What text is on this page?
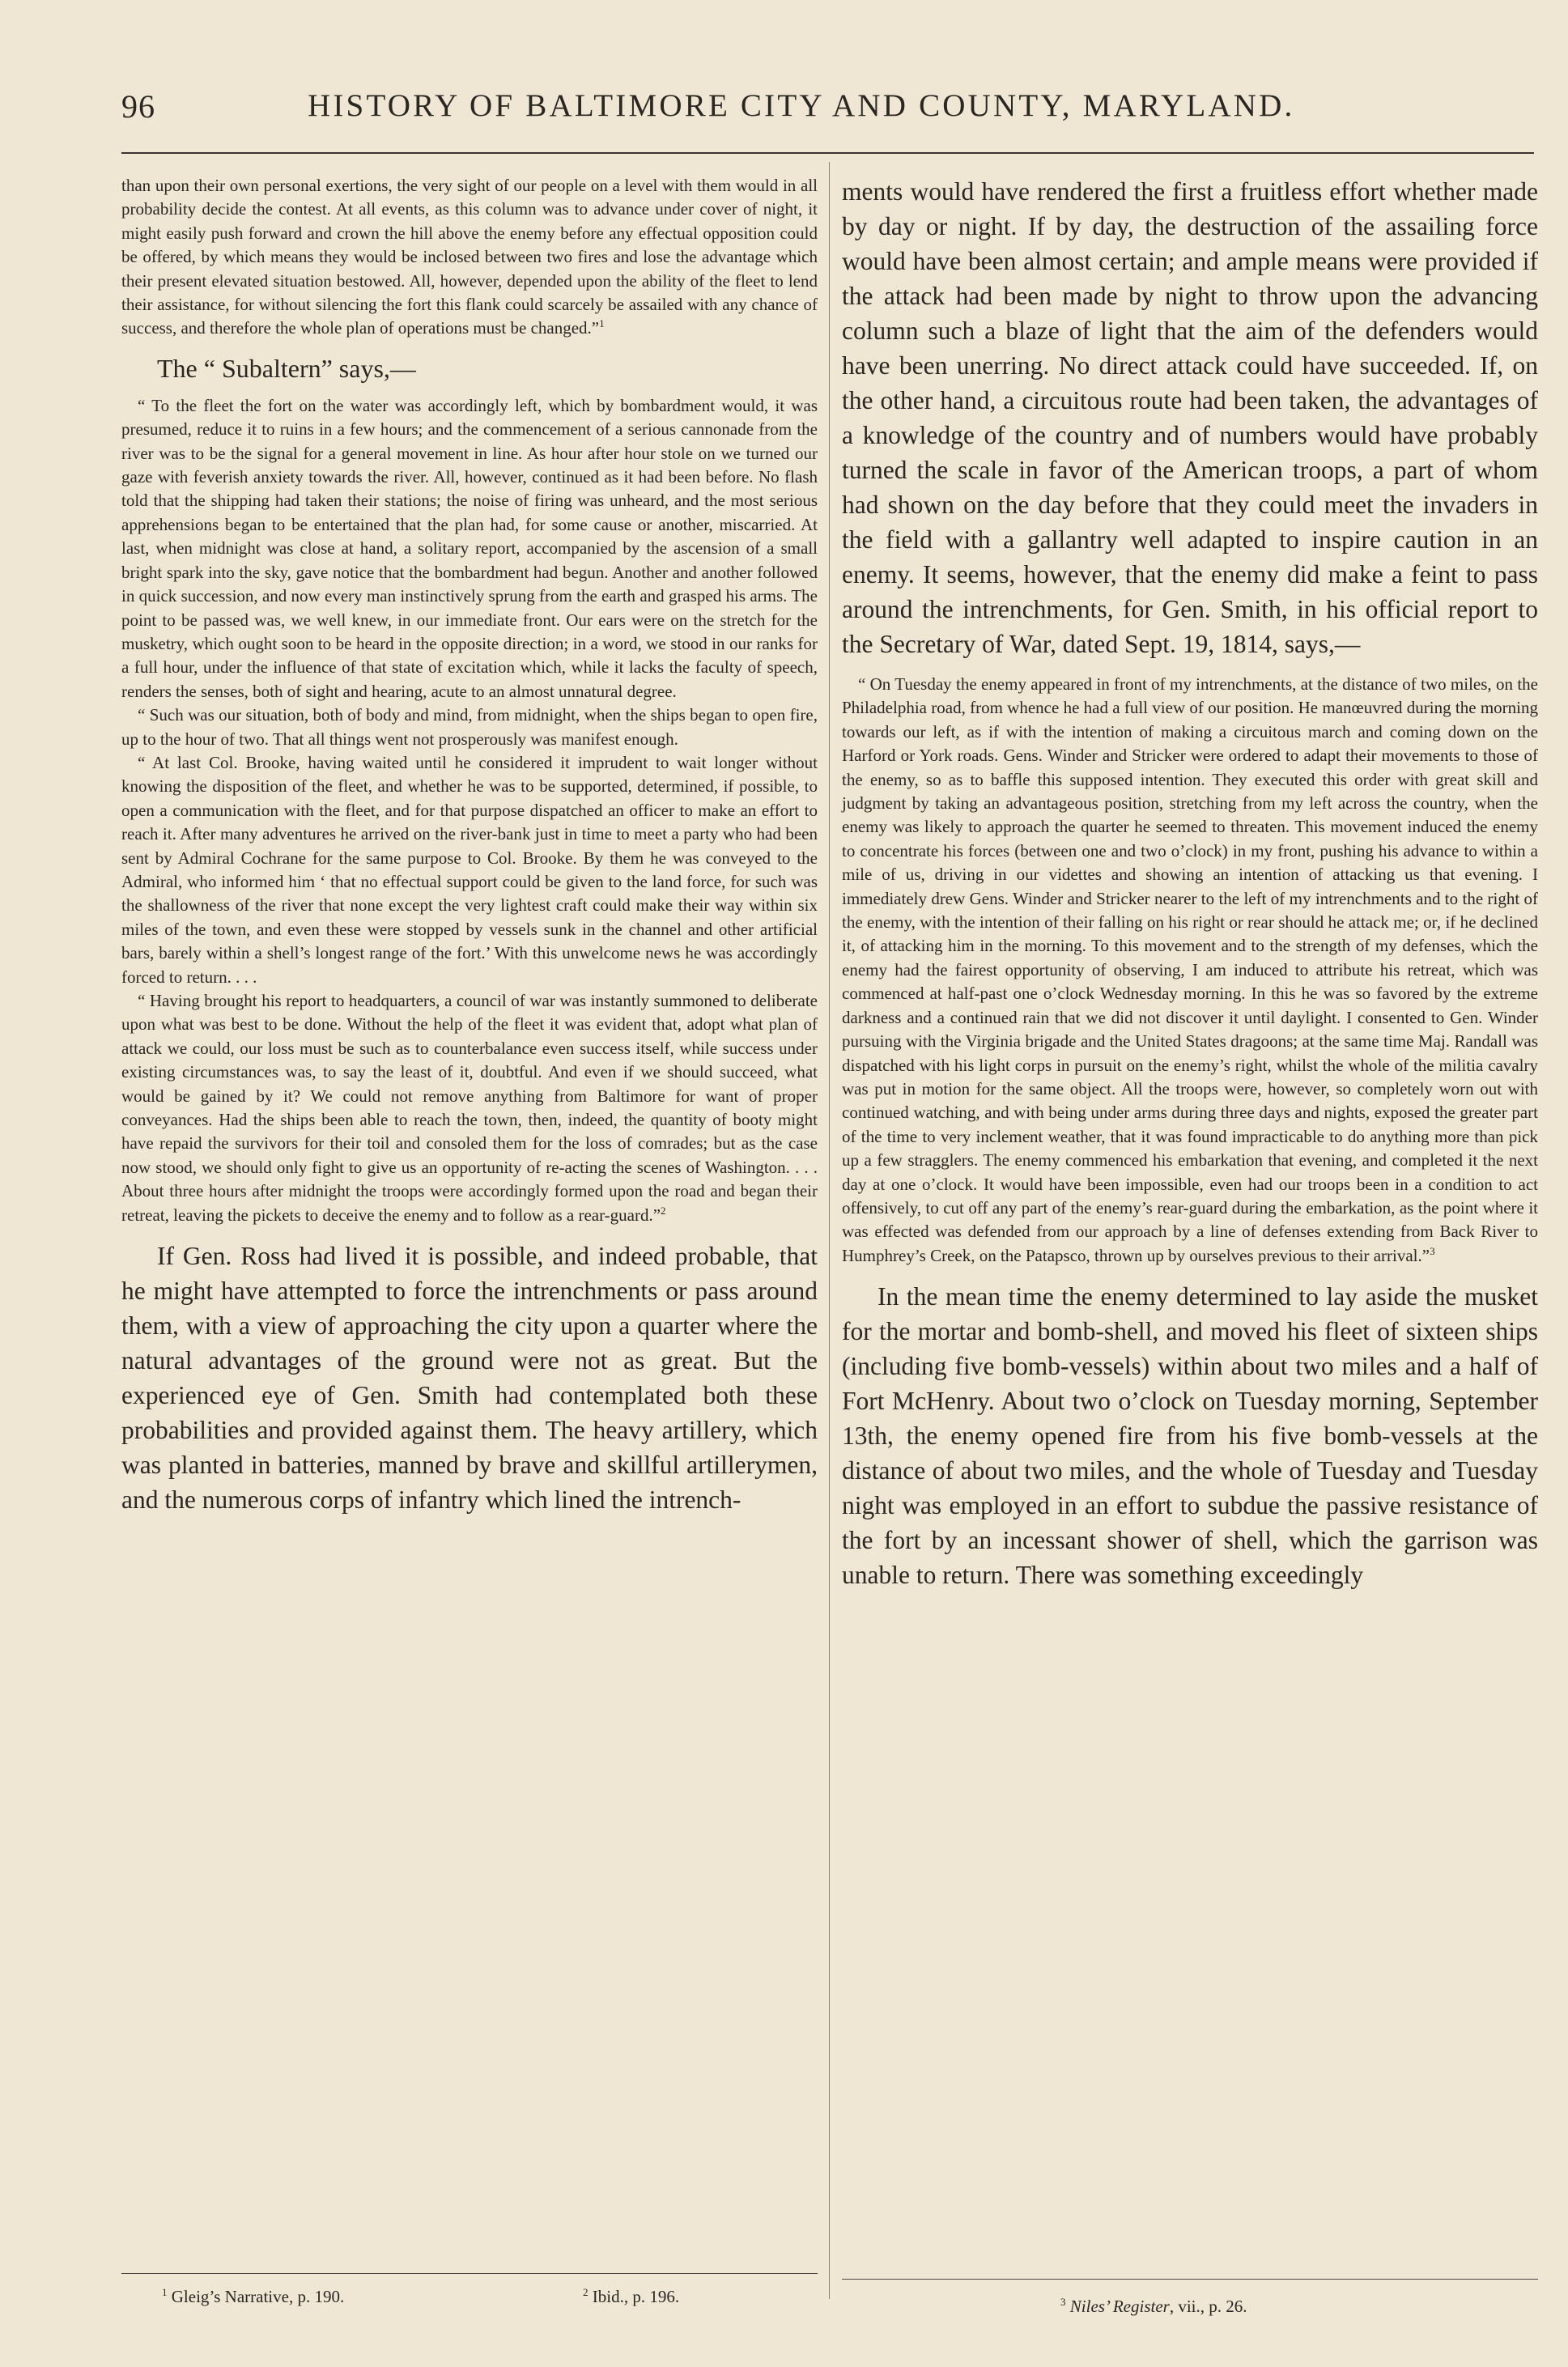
96	HISTORY OF BALTIMORE CITY AND COUNTY, MARYLAND.

than upon their own personal exertions, the very sight of our people on a level with them would in all probability decide the contest. At all events, as this column was to advance under cover of night, it might easily push forward and crown the hill above the enemy before any effectual opposition could be offered, by which means they would be inclosed between two fires and lose the advantage which their present elevated situation bestowed. All, however, depended upon the ability of the fleet to lend their assistance, for without silencing the fort this flank could scarcely be assailed with any chance of success, and therefore the whole plan of operations must be changed.”$^1$

The “ Subaltern” says,—

“ To the fleet the fort on the water was accordingly left, which by bombardment would, it was presumed, reduce it to ruins in a few hours; and the commencement of a serious cannonade from the river was to be the signal for a general movement in line. As hour after hour stole on we turned our gaze with feverish anxiety towards the river. All, however, continued as it had been before. No flash told that the shipping had taken their stations; the noise of firing was unheard, and the most serious apprehensions began to be entertained that the plan had, for some cause or another, miscarried. At last, when midnight was close at hand, a solitary report, accompanied by the ascension of a small bright spark into the sky, gave notice that the bombardment had begun. Another and another followed in quick succession, and now every man instinctively sprung from the earth and grasped his arms. The point to be passed was, we well knew, in our immediate front. Our ears were on the stretch for the musketry, which ought soon to be heard in the opposite direction; in a word, we stood in our ranks for a full hour, under the influence of that state of excitation which, while it lacks the faculty of speech, renders the senses, both of sight and hearing, acute to an almost unnatural degree.

“ Such was our situation, both of body and mind, from midnight, when the ships began to open fire, up to the hour of two. That all things went not prosperously was manifest enough.

“ At last Col. Brooke, having waited until he considered it imprudent to wait longer without knowing the disposition of the fleet, and whether he was to be supported, determined, if possible, to open a communication with the fleet, and for that purpose dispatched an officer to make an effort to reach it. After many adventures he arrived on the river-bank just in time to meet a party who had been sent by Admiral Cochrane for the same purpose to Col. Brooke. By them he was conveyed to the Admiral, who informed him ‘ that no effectual support could be given to the land force, for such was the shallowness of the river that none except the very lightest craft could make their way within six miles of the town, and even these were stopped by vessels sunk in the channel and other artificial bars, barely within a shell’s longest range of the fort.’ With this unwelcome news he was accordingly forced to return. . . .

“ Having brought his report to headquarters, a council of war was instantly summoned to deliberate upon what was best to be done. Without the help of the fleet it was evident that, adopt what plan of attack we could, our loss must be such as to counterbalance even success itself, while success under existing circumstances was, to say the least of it, doubtful. And even if we should succeed, what would be gained by it? We could not remove anything from Baltimore for want of proper conveyances. Had the ships been able to reach the town, then, indeed, the quantity of booty might have repaid the survivors for their toil and consoled them for the loss of comrades; but as the case now stood, we should only fight to give us an opportunity of re-acting the scenes of Washington. . . . About three hours after midnight the troops were accordingly formed upon the road and began their retreat, leaving the pickets to deceive the enemy and to follow as a rear-guard.”$^2$

If Gen. Ross had lived it is possible, and indeed probable, that he might have attempted to force the intrenchments or pass around them, with a view of approaching the city upon a quarter where the natural advantages of the ground were not as great. But the experienced eye of Gen. Smith had contemplated both these probabilities and provided against them. The heavy artillery, which was planted in batteries, manned by brave and skillful artillerymen, and the numerous corps of infantry which lined the intrench-

$^1$ Gleig’s Narrative, p. 190.	$^2$ Ibid., p. 196.

ments would have rendered the first a fruitless effort whether made by day or night. If by day, the destruction of the assailing force would have been almost certain; and ample means were provided if the attack had been made by night to throw upon the advancing column such a blaze of light that the aim of the defenders would have been unerring. No direct attack could have succeeded. If, on the other hand, a circuitous route had been taken, the advantages of a knowledge of the country and of numbers would have probably turned the scale in favor of the American troops, a part of whom had shown on the day before that they could meet the invaders in the field with a gallantry well adapted to inspire caution in an enemy. It seems, however, that the enemy did make a feint to pass around the intrenchments, for Gen. Smith, in his official report to the Secretary of War, dated Sept. 19, 1814, says,—

“ On Tuesday the enemy appeared in front of my intrenchments, at the distance of two miles, on the Philadelphia road, from whence he had a full view of our position. He manœuvred during the morning towards our left, as if with the intention of making a circuitous march and coming down on the Harford or York roads. Gens. Winder and Stricker were ordered to adapt their movements to those of the enemy, so as to baffle this supposed intention. They executed this order with great skill and judgment by taking an advantageous position, stretching from my left across the country, when the enemy was likely to approach the quarter he seemed to threaten. This movement induced the enemy to concentrate his forces (between one and two o’clock) in my front, pushing his advance to within a mile of us, driving in our videttes and showing an intention of attacking us that evening. I immediately drew Gens. Winder and Stricker nearer to the left of my intrenchments and to the right of the enemy, with the intention of their falling on his right or rear should he attack me; or, if he declined it, of attacking him in the morning. To this movement and to the strength of my defenses, which the enemy had the fairest opportunity of observing, I am induced to attribute his retreat, which was commenced at half-past one o’clock Wednesday morning. In this he was so favored by the extreme darkness and a continued rain that we did not discover it until daylight. I consented to Gen. Winder pursuing with the Virginia brigade and the United States dragoons; at the same time Maj. Randall was dispatched with his light corps in pursuit on the enemy’s right, whilst the whole of the militia cavalry was put in motion for the same object. All the troops were, however, so completely worn out with continued watching, and with being under arms during three days and nights, exposed the greater part of the time to very inclement weather, that it was found impracticable to do anything more than pick up a few stragglers. The enemy commenced his embarkation that evening, and completed it the next day at one o’clock. It would have been impossible, even had our troops been in a condition to act offensively, to cut off any part of the enemy’s rear-guard during the embarkation, as the point where it was effected was defended from our approach by a line of defenses extending from Back River to Humphrey’s Creek, on the Patapsco, thrown up by ourselves previous to their arrival.”$^3$

In the mean time the enemy determined to lay aside the musket for the mortar and bomb-shell, and moved his fleet of sixteen ships (including five bomb-vessels) within about two miles and a half of Fort McHenry. About two o’clock on Tuesday morning, September 13th, the enemy opened fire from his five bomb-vessels at the distance of about two miles, and the whole of Tuesday and Tuesday night was employed in an effort to subdue the passive resistance of the fort by an incessant shower of shell, which the garrison was unable to return. There was something exceedingly

$^3$ Niles’ Register, vii., p. 26.
